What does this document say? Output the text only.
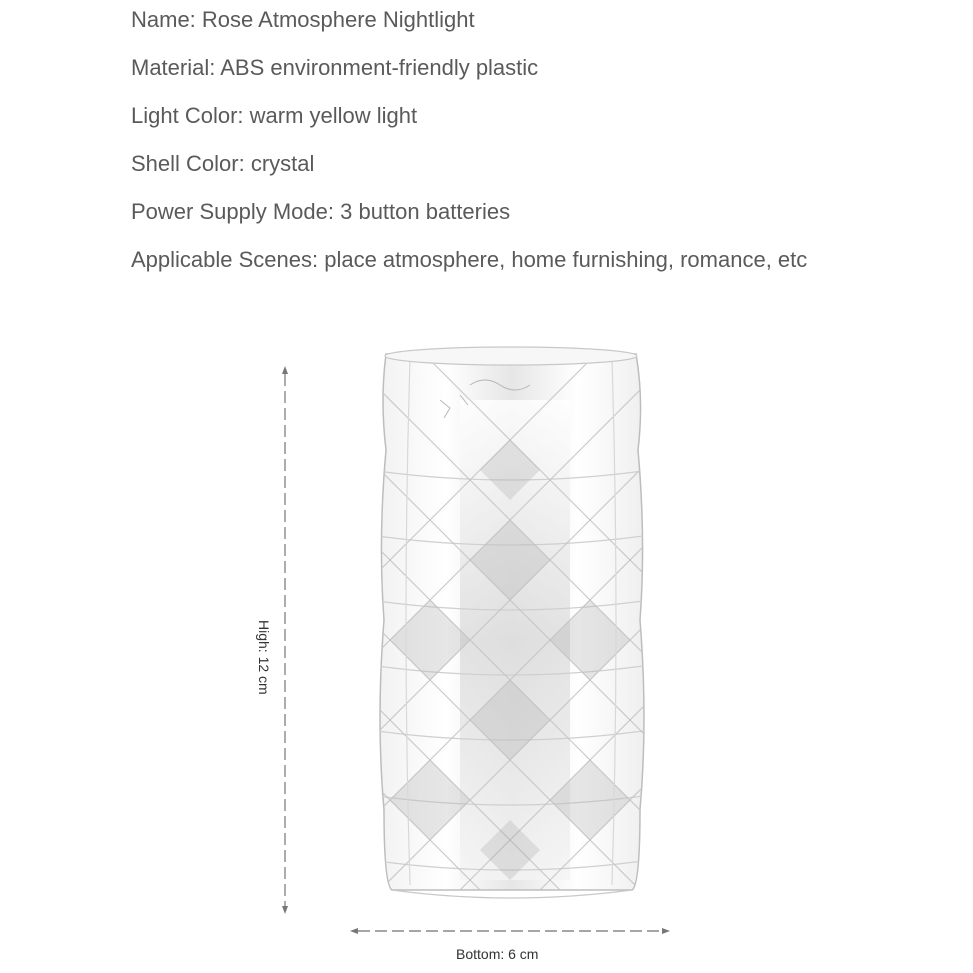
Name: Rose Atmosphere Nightlight
Material: ABS environment-friendly plastic
Light Color: warm yellow light
Shell Color: crystal
Power Supply Mode: 3 button batteries
Applicable Scenes: place atmosphere, home furnishing, romance, etc
High: 12 cm
Bottom: 6 cm
